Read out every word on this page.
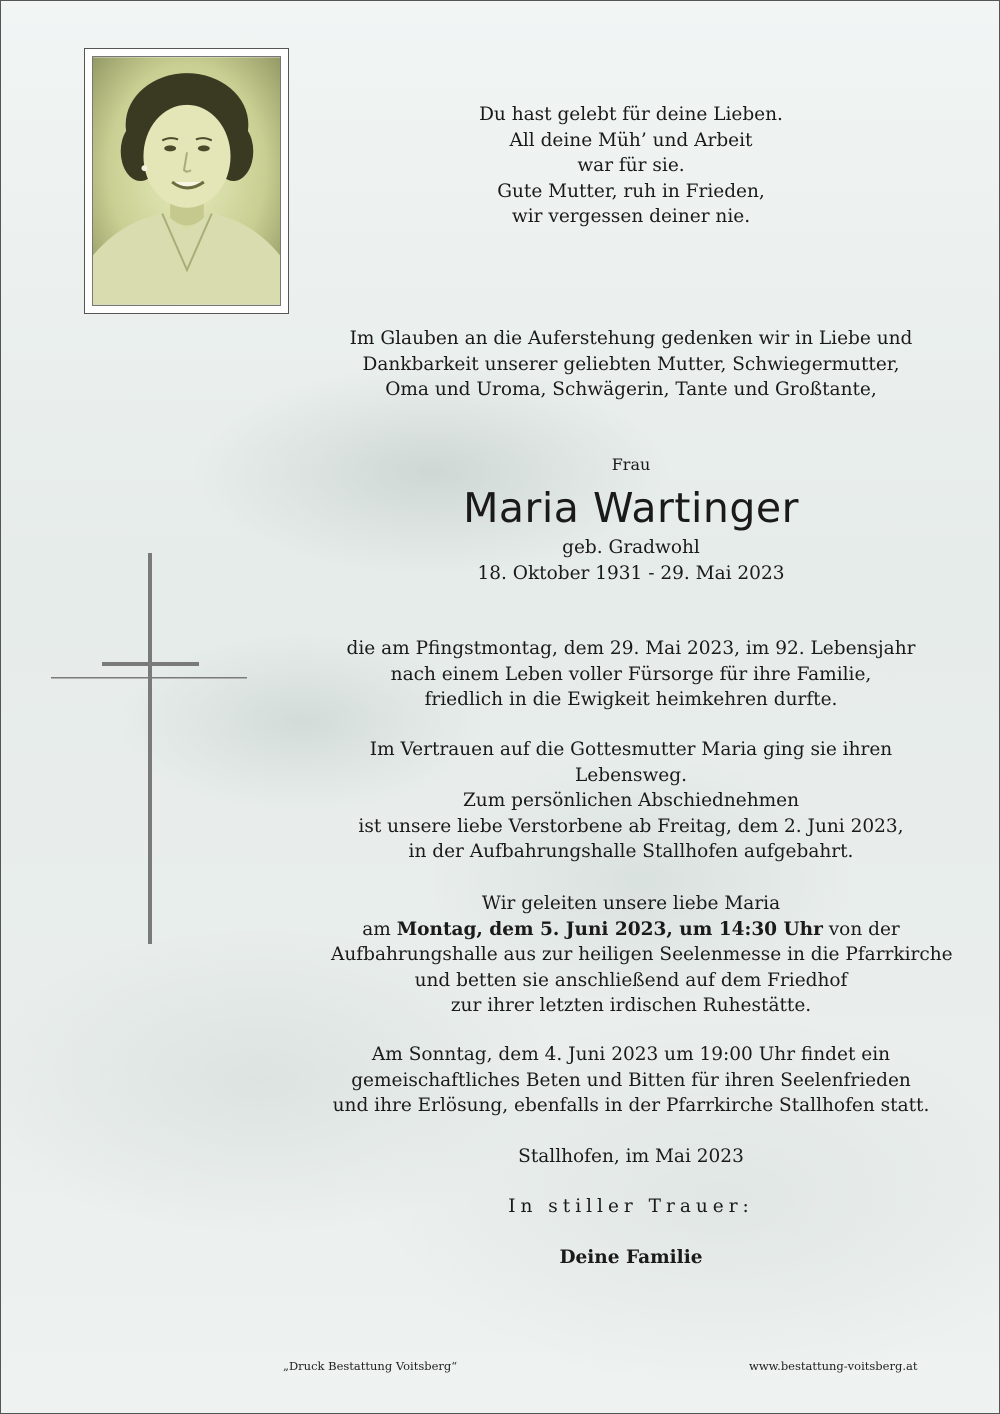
Du hast gelebt für deine Lieben.
All deine Müh’ und Arbeit
war für sie.
Gute Mutter, ruh in Frieden,
wir vergessen deiner nie.
Im Glauben an die Auferstehung gedenken wir in Liebe und
Dankbarkeit unserer geliebten Mutter, Schwiegermutter,
Oma und Uroma, Schwägerin, Tante und Großtante,
Frau
Maria Wartinger
geb. Gradwohl
18. Oktober 1931 - 29. Mai 2023
die am Pfingstmontag, dem 29. Mai 2023, im 92. Lebensjahr
nach einem Leben voller Fürsorge für ihre Familie,
friedlich in die Ewigkeit heimkehren durfte.
Im Vertrauen auf die Gottesmutter Maria ging sie ihren Lebensweg.
Zum persönlichen Abschiednehmen
ist unsere liebe Verstorbene ab Freitag, dem 2. Juni 2023,
in der Aufbahrungshalle Stallhofen aufgebahrt.
Wir geleiten unsere liebe Maria
am Montag, dem 5. Juni 2023, um 14:30 Uhr von der
Aufbahrungshalle aus zur heiligen Seelenmesse in die Pfarrkirche
und betten sie anschließend auf dem Friedhof
zur ihrer letzten irdischen Ruhestätte.
Am Sonntag, dem 4. Juni 2023 um 19:00 Uhr findet ein
gemeischaftliches Beten und Bitten für ihren Seelenfrieden
und ihre Erlösung, ebenfalls in der Pfarrkirche Stallhofen statt.
Stallhofen, im Mai 2023
In stiller Trauer:
Deine Familie
„Druck Bestattung Voitsberg“	www.bestattung-voitsberg.at
